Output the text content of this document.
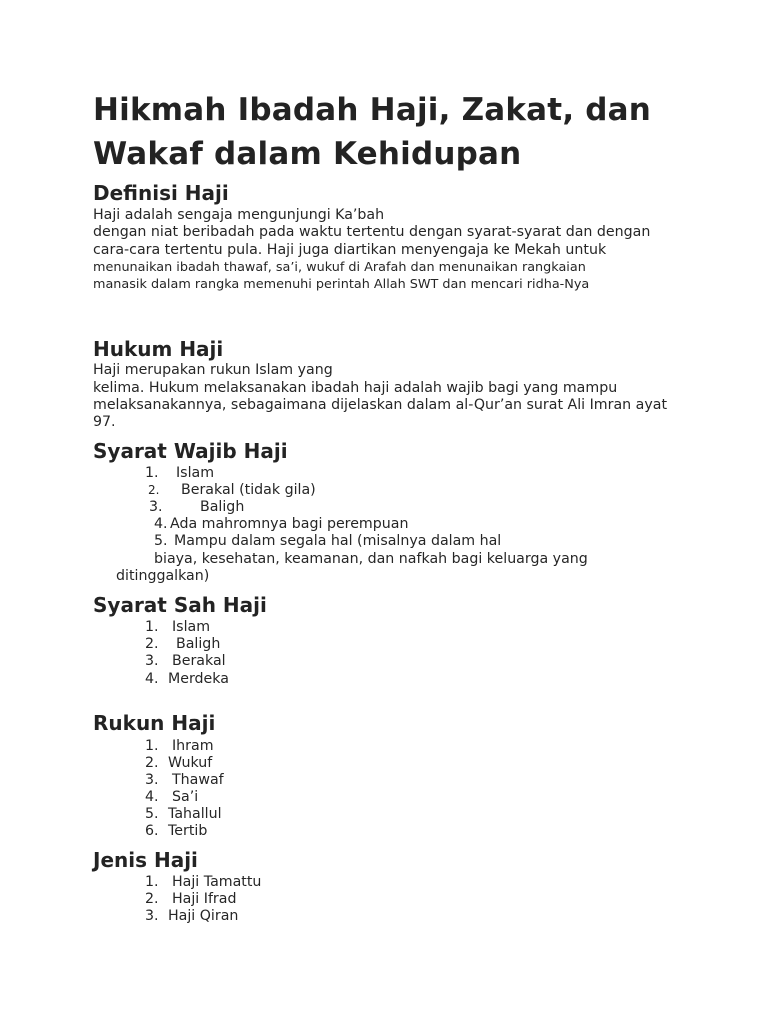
Hikmah Ibadah Haji, Zakat, dan
Wakaf dalam Kehidupan
Definisi Haji

Haji adalah sengaja mengunjungi Ka’bah

dengan niat beribadah pada waktu tertentu dengan syarat-syarat dan dengan

cara-cara tertentu pula. Haji juga diartikan menyengaja ke Mekah untuk

menunaikan ibadah thawaf, sa’i, wukuf di Arafah dan menunaikan rangkaian

manasik dalam rangka memenuhi perintah Allah SWT dan mencari ridha-Nya

Hukum Haji

Haji merupakan rukun Islam yang

kelima. Hukum melaksanakan ibadah haji adalah wajib bagi yang mampu

melaksanakannya, sebagaimana dijelaskan dalam al-Qur’an surat Ali Imran ayat

97.

Syarat Wajib Haji
1. Islam
2. Berakal (tidak gila)
3.	Baligh
4. Ada mahromnya bagi perempuan
5. Mampu dalam segala hal (misalnya dalam hal

biaya, kesehatan, keamanan, dan nafkah bagi keluarga yang

ditinggalkan)

Syarat Sah Haji
1. Islam
2. Baligh
3. Berakal
4. Merdeka
Rukun Haji
1. Ihram
2. Wukuf
3. Thawaf
4. Sa’i
5. Tahallul
6. Tertib
Jenis Haji
1. Haji Tamattu
2. Haji Ifrad
3. Haji Qiran
